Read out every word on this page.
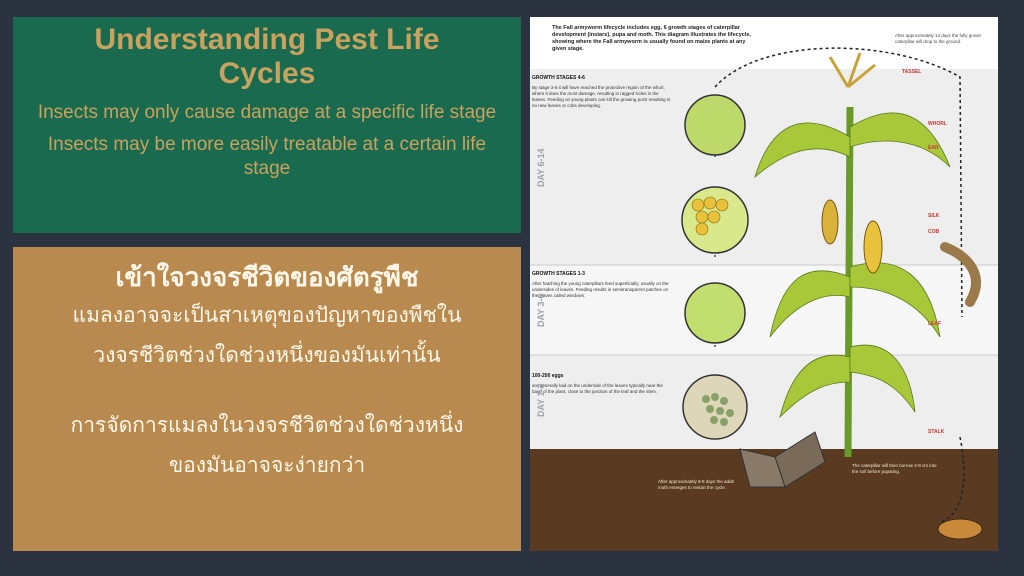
Understanding Pest Life Cycles

Insects may only cause damage at a specific life stage

Insects may be more easily treatable at a certain life stage

เข้าใจวงจรชีวิตของศัตรูพืช
แมลงอาจจะเป็นสาเหตุของปัญหาของพืชใน
วงจรชีวิตช่วงใดช่วงหนึ่งของมันเท่านั้น
การจัดการแมลงในวงจรชีวิตช่วงใดช่วงหนึ่ง
ของมันอาจจะง่ายกว่า
The Fall armyworm lifecycle includes egg, 6 growth stages of caterpillar development (instars), pupa and moth. This diagram illustrates the lifecycle, showing where the Fall armyworm is usually found on maize plants at any given stage.
After approximately 14 days the fully grown caterpillar will drop to the ground.
GROWTH STAGES 4-6
By stage 3-6 it will have reached the protective region of the whorl, where it does the most damage, resulting in ragged holes in the leaves. Feeding on young plants can kill the growing point resulting in no new leaves or cobs developing.
GROWTH STAGES 1-3
After hatching the young caterpillars feed superficially, usually on the undersides of leaves. Feeding results in semitransparent patches on the leaves called windows.
100-200 eggs
are generally laid on the underside of the leaves typically near the base of the plant, close to the junction of the leaf and the stem.
DAY 6-14
DAY 3-6
DAY 1-3
TASSEL
WHORL
EAR
SILK
COB
LEAF
STALK
After approximately 8-9 days the adult moth emerges to restart the cycle.
The caterpillar will then burrow 2-8 cm into the soil before pupating.
